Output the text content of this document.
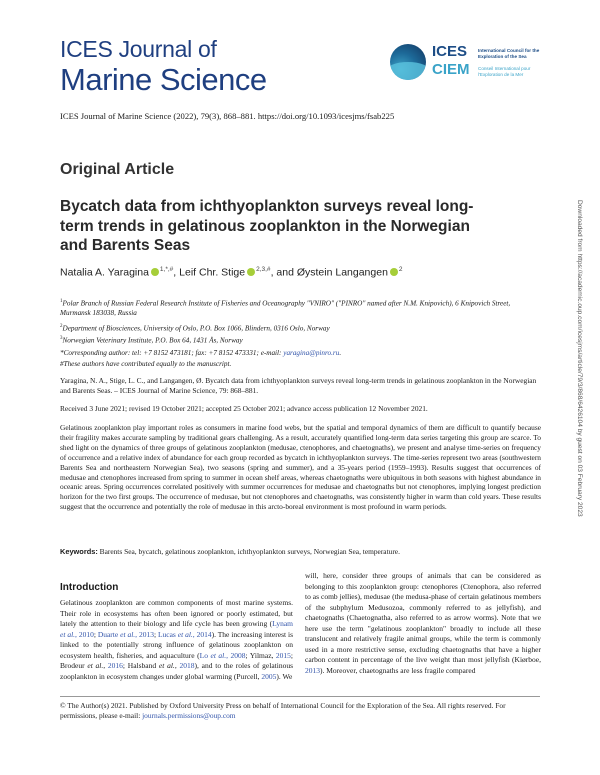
ICES Journal of
Marine Science
ICES
CIEM
International Council for the Exploration of the Sea
Conseil International pour l'Exploration de la Mer
ICES Journal of Marine Science (2022), 79(3), 868–881. https://doi.org/10.1093/icesjms/fsab225
Original Article
Bycatch data from ichthyoplankton surveys reveal long-term trends in gelatinous zooplankton in the Norwegian and Barents Seas
Natalia A. Yaragina $^{1,*,\#}$, Leif Chr. Stige $^{2,3,\#}$, and Øystein Langangen $^2$
$^1$Polar Branch of Russian Federal Research Institute of Fisheries and Oceanography "VNIRO" ("PINRO" named after N.M. Knipovich), 6 Knipovich Street, Murmansk 183038, Russia
$^2$Department of Biosciences, University of Oslo, P.O. Box 1066, Blindern, 0316 Oslo, Norway
$^3$Norwegian Veterinary Institute, P.O. Box 64, 1431 Ås, Norway
*Corresponding author: tel: +7 8152 473181; fax: +7 8152 473331; e-mail: yaragina@pinro.ru.
#These authors have contributed equally to the manuscript.
Yaragina, N. A., Stige, L. C., and Langangen, Ø. Bycatch data from ichthyoplankton surveys reveal long-term trends in gelatinous zooplankton in the Norwegian and Barents Seas. – ICES Journal of Marine Science, 79: 868–881.
Received 3 June 2021; revised 19 October 2021; accepted 25 October 2021; advance access publication 12 November 2021.
Gelatinous zooplankton play important roles as consumers in marine food webs, but the spatial and temporal dynamics of them are difficult to quantify because their fragility makes accurate sampling by traditional gears challenging. As a result, accurately quantified long-term data series targeting this group are scarce. To shed light on the dynamics of three groups of gelatinous zooplankton (medusae, ctenophores, and chaetognaths), we present and analyse time-series on frequency of occurrence and a relative index of abundance for each group recorded as bycatch in ichthyoplankton surveys. The time-series represent two areas (southwestern Barents Sea and northeastern Norwegian Sea), two seasons (spring and summer), and a 35-years period (1959–1993). Results suggest that occurrences of medusae and ctenophores increased from spring to summer in ocean shelf areas, whereas chaetognaths were ubiquitous in both seasons with highest abundance in oceanic areas. Spring occurrences correlated positively with summer occurrences for medusae and chaetognaths but not ctenophores, implying longest prediction horizon for the two first groups. The occurrence of medusae, but not ctenophores and chaetognaths, was consistently higher in warm than cold years. These results suggest that the occurrence and potentially the role of medusae in this arcto-boreal environment is most profound in warm periods.
Keywords: Barents Sea, bycatch, gelatinous zooplankton, ichthyoplankton surveys, Norwegian Sea, temperature.
Introduction
Gelatinous zooplankton are common components of most marine systems. Their role in ecosystems has often been ignored or poorly estimated, but lately the attention to their biology and life cycle has been growing (Lynam et al., 2010; Duarte et al., 2013; Lucas et al., 2014). The increasing interest is linked to the potentially strong influence of gelatinous zooplankton on ecosystem health, fisheries, and aquaculture (Lo et al., 2008; Yilmaz, 2015; Brodeur et al., 2016; Halsband et al., 2018), and to the roles of gelatinous zooplankton in ecosystem changes under global warming (Purcell, 2005). We
will, here, consider three groups of animals that can be considered as belonging to this zooplankton group: ctenophores (Ctenophora, also referred to as comb jellies), medusae (the medusa-phase of certain gelatinous members of the subphylum Medusozoa, commonly referred to as jellyfish), and chaetognaths (Chaetognatha, also referred to as arrow worms). Note that we here use the term "gelatinous zooplankton" broadly to include all these translucent and relatively fragile animal groups, while the term is commonly used in a more restrictive sense, excluding chaetognaths that have a higher carbon content in percentage of the live weight than most jellyfish (Kiørboe, 2013). Moreover, chaetognaths are less fragile compared
© The Author(s) 2021. Published by Oxford University Press on behalf of International Council for the Exploration of the Sea. All rights reserved. For permissions, please e-mail: journals.permissions@oup.com
Downloaded from https://academic.oup.com/icesjms/article/79/3/868/6426104 by guest on 03 February 2023
